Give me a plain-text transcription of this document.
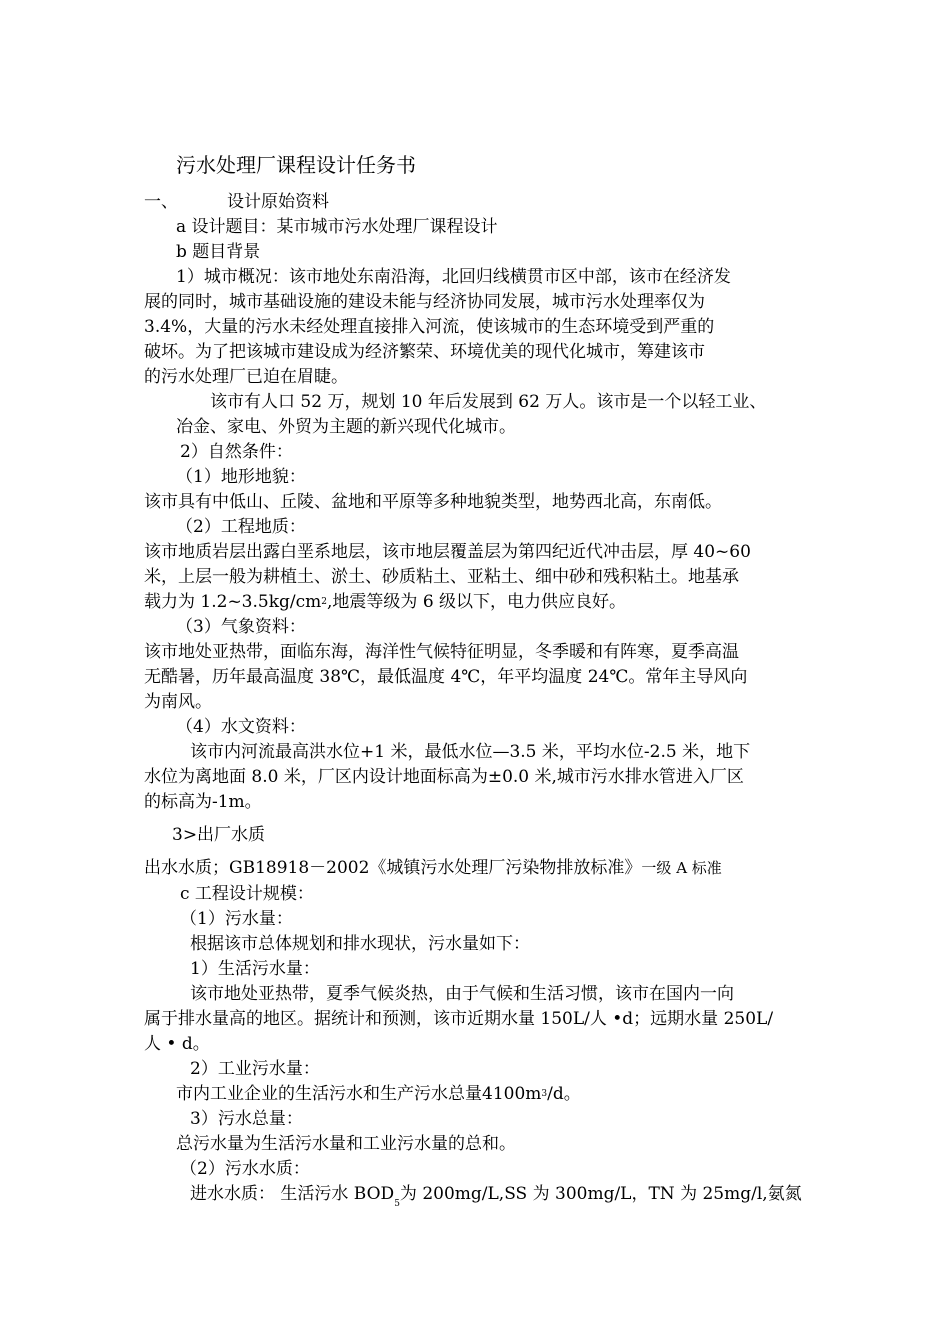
污水处理厂课程设计任务书
一、	设计原始资料
a 设计题目：某市城市污水处理厂课程设计
b 题目背景
1）城市概况：该市地处东南沿海，北回归线横贯市区中部，该市在经济发
展的同时，城市基础设施的建设未能与经济协同发展，城市污水处理率仅为
3.4%，大量的污水未经处理直接排入河流，使该城市的生态环境受到严重的
破坏。为了把该城市建设成为经济繁荣、环境优美的现代化城市，筹建该市
的污水处理厂已迫在眉睫。
该市有人口 52 万，规划 10 年后发展到 62 万人。该市是一个以轻工业、
冶金、家电、外贸为主题的新兴现代化城市。
2）自然条件：
（1）地形地貌：
该市具有中低山、丘陵、盆地和平原等多种地貌类型，地势西北高，东南低。
（2）工程地质：
该市地质岩层出露白垩系地层，该市地层覆盖层为第四纪近代冲击层，厚 40~60
米，上层一般为耕植土、淤土、砂质粘土、亚粘土、细中砂和残积粘土。地基承
载力为 $1.2\sim 3.5kg/cm^2$,地震等级为 6 级以下，电力供应良好。
（3）气象资料：
该市地处亚热带，面临东海，海洋性气候特征明显，冬季暖和有阵寒，夏季高温
无酷暑，历年最高温度 38℃，最低温度 4℃，年平均温度 24℃。常年主导风向
为南风。
（4）水文资料：
该市内河流最高洪水位+1 米，最低水位—3.5 米，平均水位-2.5 米，地下
水位为离地面 8.0 米，厂区内设计地面标高为±0.0 米,城市污水排水管进入厂区
的标高为-1m。
3>出厂水质
出水水质；GB18918－2002《城镇污水处理厂污染物排放标准》一级 A 标准
c 工程设计规模：
（1）污水量：
根据该市总体规划和排水现状，污水量如下：
1）生活污水量：
该市地处亚热带，夏季气候炎热，由于气候和生活习惯，该市在国内一向
属于排水量高的地区。据统计和预测，该市近期水量 150L/人 •d；远期水量 250L/
人 • d。
2）工业污水量：
市内工业企业的生活污水和生产污水总量$4100m^3/d$。
3）污水总量：
总污水量为生活污水量和工业污水量的总和。
（2）污水水质：
进水水质： 生活污水 $BOD_5$为 200mg/L,SS 为 300mg/L，TN 为 25mg/l,氨氮
